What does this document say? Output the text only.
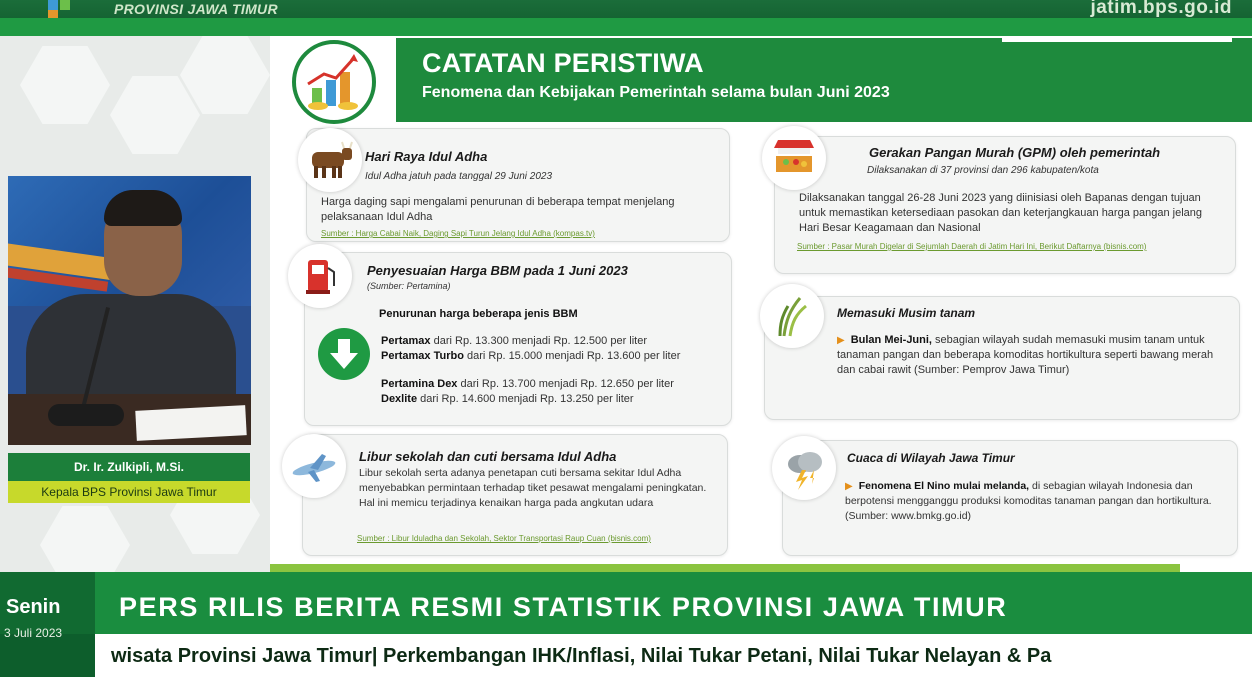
PROVINSI JAWA TIMUR	jatim.bps.go.id
Dr. Ir. Zulkipli, M.Si.
Kepala BPS Provinsi Jawa Timur
CATATAN PERISTIWA
Fenomena dan Kebijakan Pemerintah selama bulan Juni 2023
Hari Raya Idul Adha
Idul Adha jatuh pada tanggal 29 Juni 2023
Harga daging sapi mengalami penurunan di beberapa tempat menjelang pelaksanaan Idul Adha
Sumber : Harga Cabai Naik, Daging Sapi Turun Jelang Idul Adha (kompas.tv)
Penyesuaian Harga BBM pada 1 Juni 2023
(Sumber: Pertamina)
Penurunan harga beberapa jenis BBM
Pertamax dari Rp. 13.300 menjadi Rp. 12.500 per liter
Pertamax Turbo dari Rp. 15.000 menjadi Rp. 13.600 per liter
Pertamina Dex dari Rp. 13.700 menjadi Rp. 12.650 per liter
Dexlite dari Rp. 14.600 menjadi Rp. 13.250 per liter
Libur sekolah dan cuti bersama Idul Adha
Libur sekolah serta adanya penetapan cuti bersama sekitar Idul Adha menyebabkan permintaan terhadap tiket pesawat mengalami peningkatan. Hal ini memicu terjadinya kenaikan harga pada angkutan udara
Sumber : Libur Iduladha dan Sekolah, Sektor Transportasi Raup Cuan (bisnis.com)
Gerakan Pangan Murah (GPM) oleh pemerintah
Dilaksanakan di 37 provinsi dan 296 kabupaten/kota
Dilaksanakan tanggal 26-28 Juni 2023 yang diinisiasi oleh Bapanas dengan tujuan untuk memastikan ketersediaan pasokan dan keterjangkauan harga pangan jelang Hari Besar Keagamaan dan Nasional
Sumber : Pasar Murah Digelar di Sejumlah Daerah di Jatim Hari Ini, Berikut Daftarnya (bisnis.com)
Memasuki Musim tanam
▶ Bulan Mei-Juni, sebagian wilayah sudah memasuki musim tanam untuk tanaman pangan dan beberapa komoditas hortikultura seperti bawang merah dan cabai rawit (Sumber: Pemprov Jawa Timur)
Cuaca di Wilayah Jawa Timur
▶ Fenomena El Nino mulai melanda, di sebagian wilayah Indonesia dan berpotensi mengganggu produksi komoditas tanaman pangan dan hortikultura. (Sumber: www.bmkg.go.id)
Senin
3 Juli 2023
PERS RILIS BERITA RESMI STATISTIK PROVINSI JAWA TIMUR
wisata Provinsi Jawa Timur| Perkembangan IHK/Inflasi, Nilai Tukar Petani, Nilai Tukar Nelayan & Pa
